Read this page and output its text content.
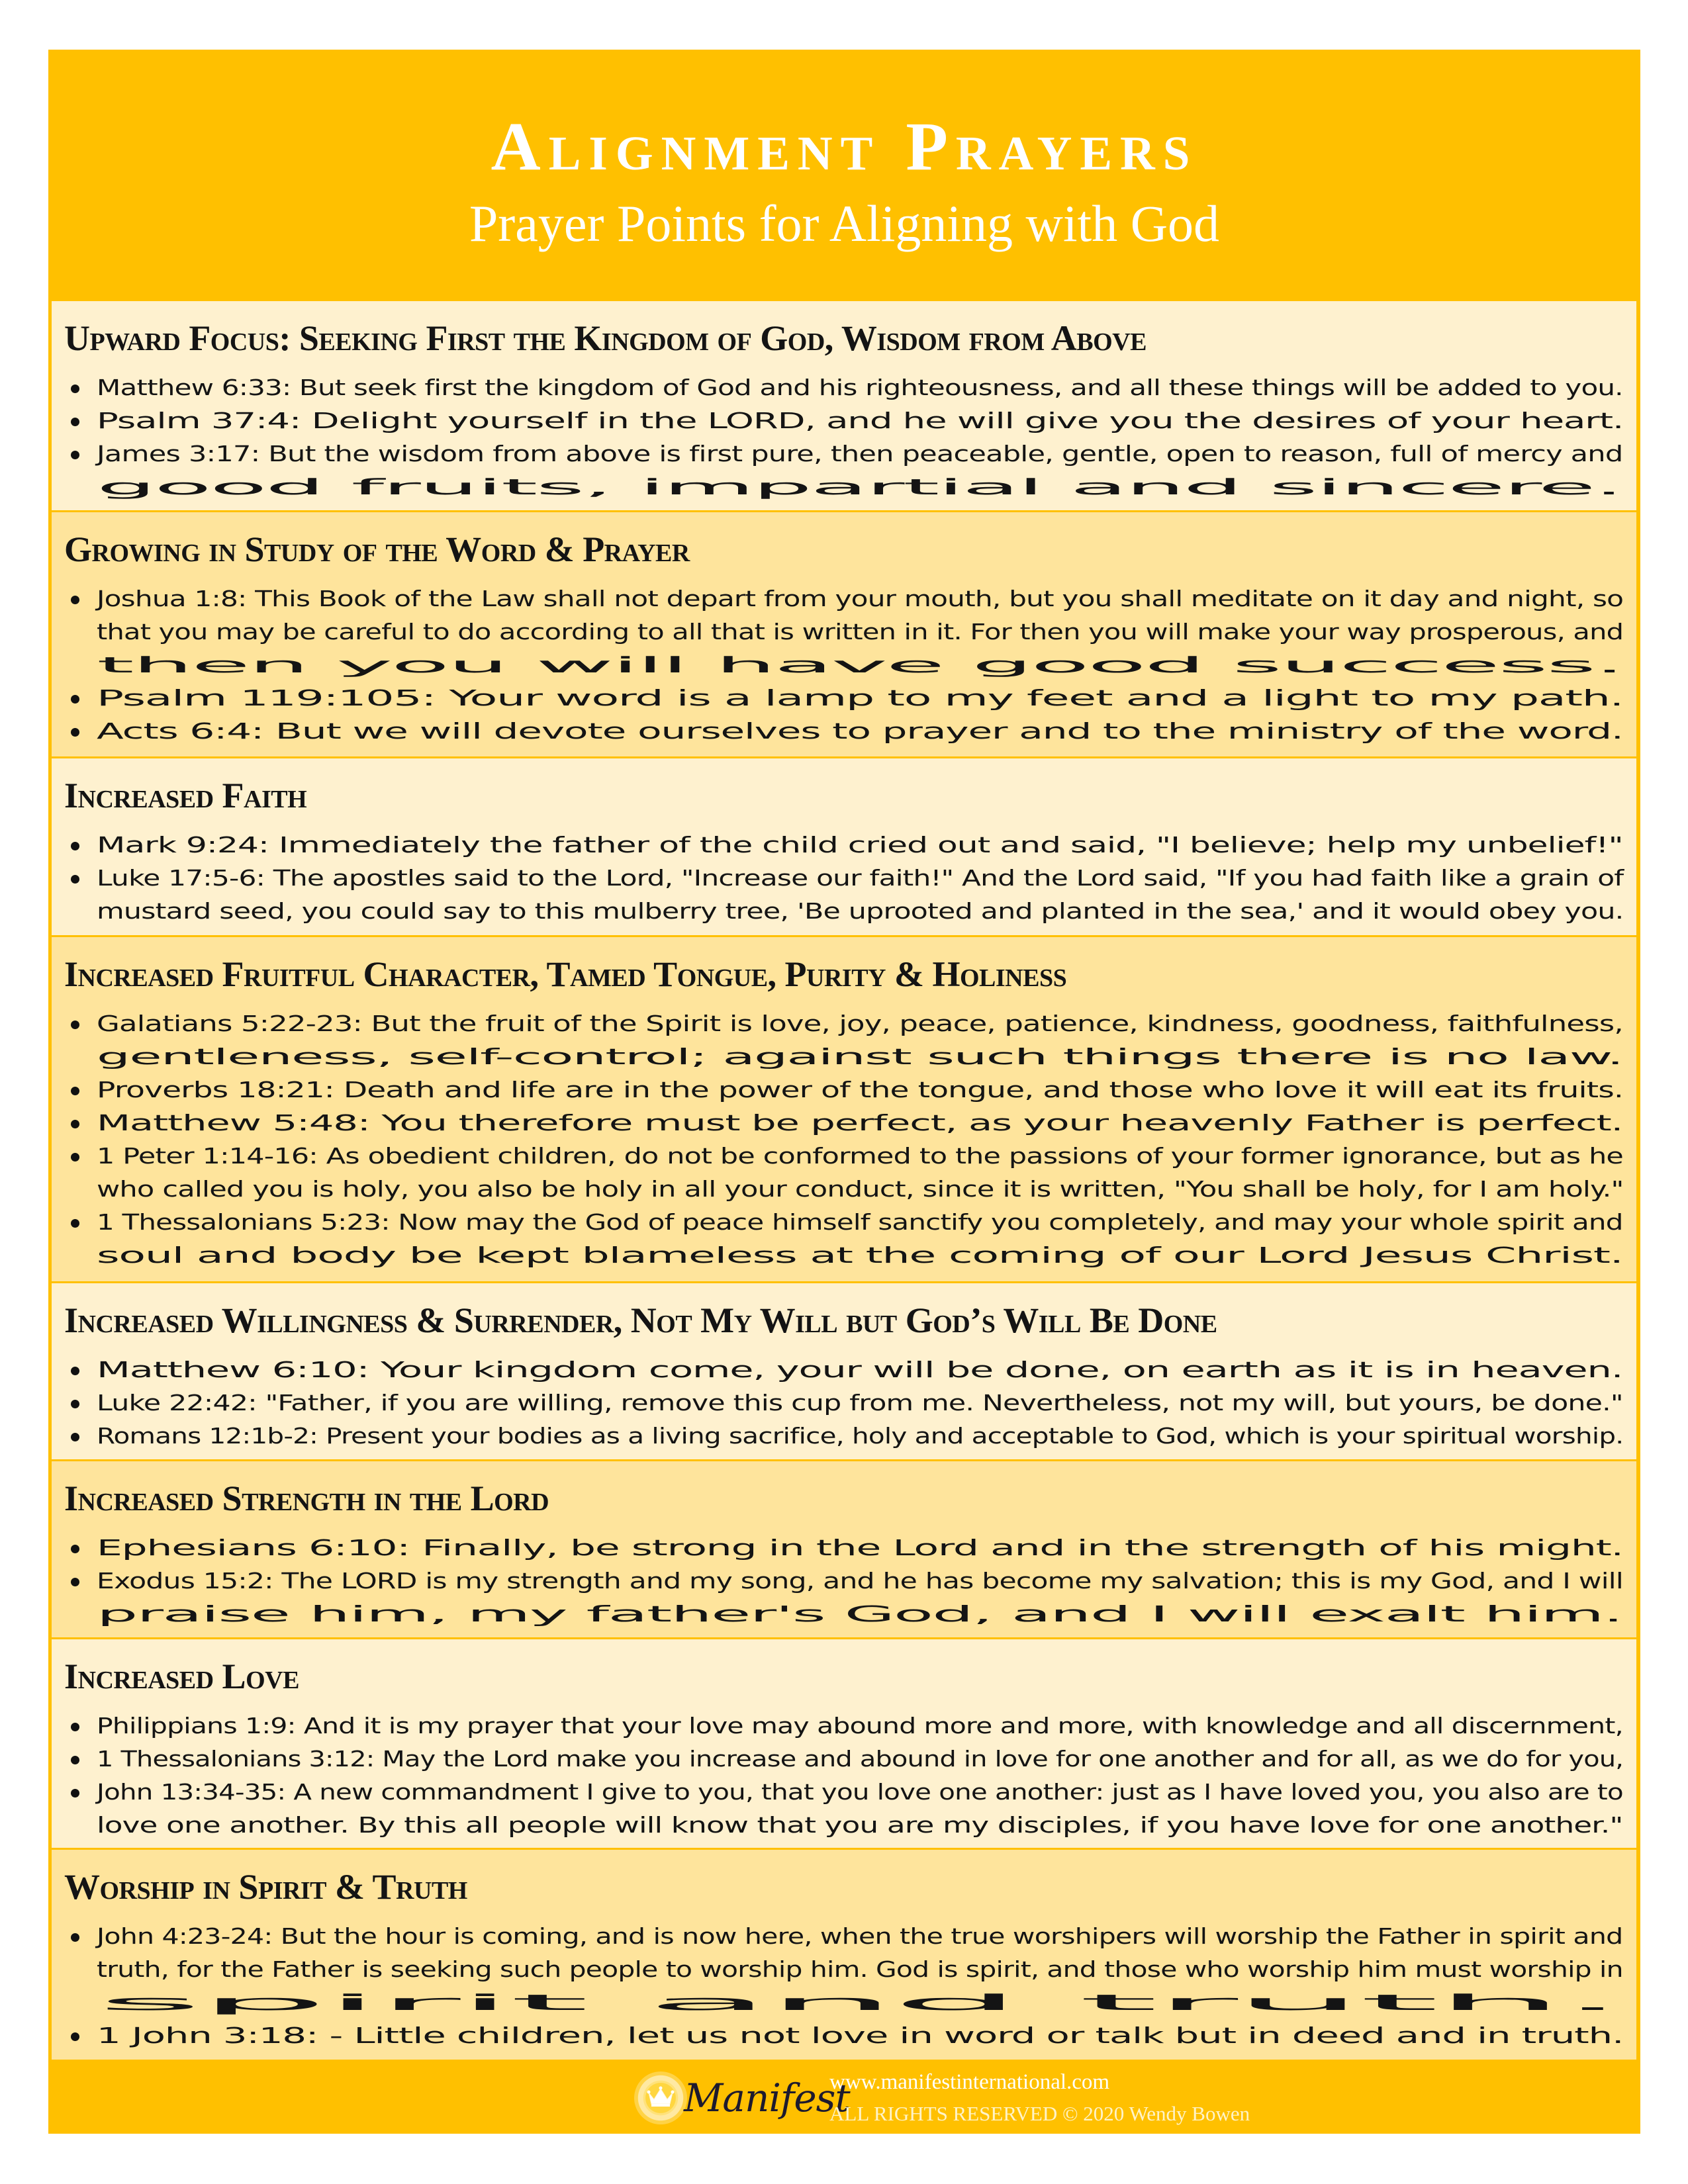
Alignment Prayers
Prayer Points for Aligning with God
Upward Focus: Seeking First the Kingdom of God, Wisdom from Above
Matthew 6:33: But seek first the kingdom of God and his righteousness, and all these things will be added to you.
Psalm 37:4: Delight yourself in the LORD, and he will give you the desires of your heart.
James 3:17: But the wisdom from above is first pure, then peaceable, gentle, open to reason, full of mercy and
good fruits, impartial and sincere.
Growing in Study of the Word & Prayer
Joshua 1:8: This Book of the Law shall not depart from your mouth, but you shall meditate on it day and night, so
that you may be careful to do according to all that is written in it. For then you will make your way prosperous, and
then you will have good success.
Psalm 119:105: Your word is a lamp to my feet and a light to my path.
Acts 6:4: But we will devote ourselves to prayer and to the ministry of the word.
Increased Faith
Mark 9:24: Immediately the father of the child cried out and said, "I believe; help my unbelief!"
Luke 17:5-6: The apostles said to the Lord, "Increase our faith!" And the Lord said, "If you had faith like a grain of
mustard seed, you could say to this mulberry tree, 'Be uprooted and planted in the sea,' and it would obey you.
Increased Fruitful Character, Tamed Tongue, Purity & Holiness
Galatians 5:22-23: But the fruit of the Spirit is love, joy, peace, patience, kindness, goodness, faithfulness,
gentleness, self-control; against such things there is no law.
Proverbs 18:21: Death and life are in the power of the tongue, and those who love it will eat its fruits.
Matthew 5:48: You therefore must be perfect, as your heavenly Father is perfect.
1 Peter 1:14-16: As obedient children, do not be conformed to the passions of your former ignorance, but as he
who called you is holy, you also be holy in all your conduct, since it is written, "You shall be holy, for I am holy."
1 Thessalonians 5:23: Now may the God of peace himself sanctify you completely, and may your whole spirit and
soul and body be kept blameless at the coming of our Lord Jesus Christ.
Increased Willingness & Surrender, Not My Will but God’s Will Be Done
Matthew 6:10: Your kingdom come, your will be done, on earth as it is in heaven.
Luke 22:42: "Father, if you are willing, remove this cup from me. Nevertheless, not my will, but yours, be done."
Romans 12:1b-2: Present your bodies as a living sacrifice, holy and acceptable to God, which is your spiritual worship.
Increased Strength in the Lord
Ephesians 6:10: Finally, be strong in the Lord and in the strength of his might.
Exodus 15:2: The LORD is my strength and my song, and he has become my salvation; this is my God, and I will
praise him, my father's God, and I will exalt him.
Increased Love
Philippians 1:9: And it is my prayer that your love may abound more and more, with knowledge and all discernment,
1 Thessalonians 3:12: May the Lord make you increase and abound in love for one another and for all, as we do for you,
John 13:34-35: A new commandment I give to you, that you love one another: just as I have loved you, you also are to
love one another. By this all people will know that you are my disciples, if you have love for one another."
Worship in Spirit & Truth
John 4:23-24: But the hour is coming, and is now here, when the true worshipers will worship the Father in spirit and
truth, for the Father is seeking such people to worship him. God is spirit, and those who worship him must worship in
spirit and truth.
1 John 3:18: - Little children, let us not love in word or talk but in deed and in truth.
Manifest
www.manifestinternational.com
ALL RIGHTS RESERVED © 2020 Wendy Bowen
